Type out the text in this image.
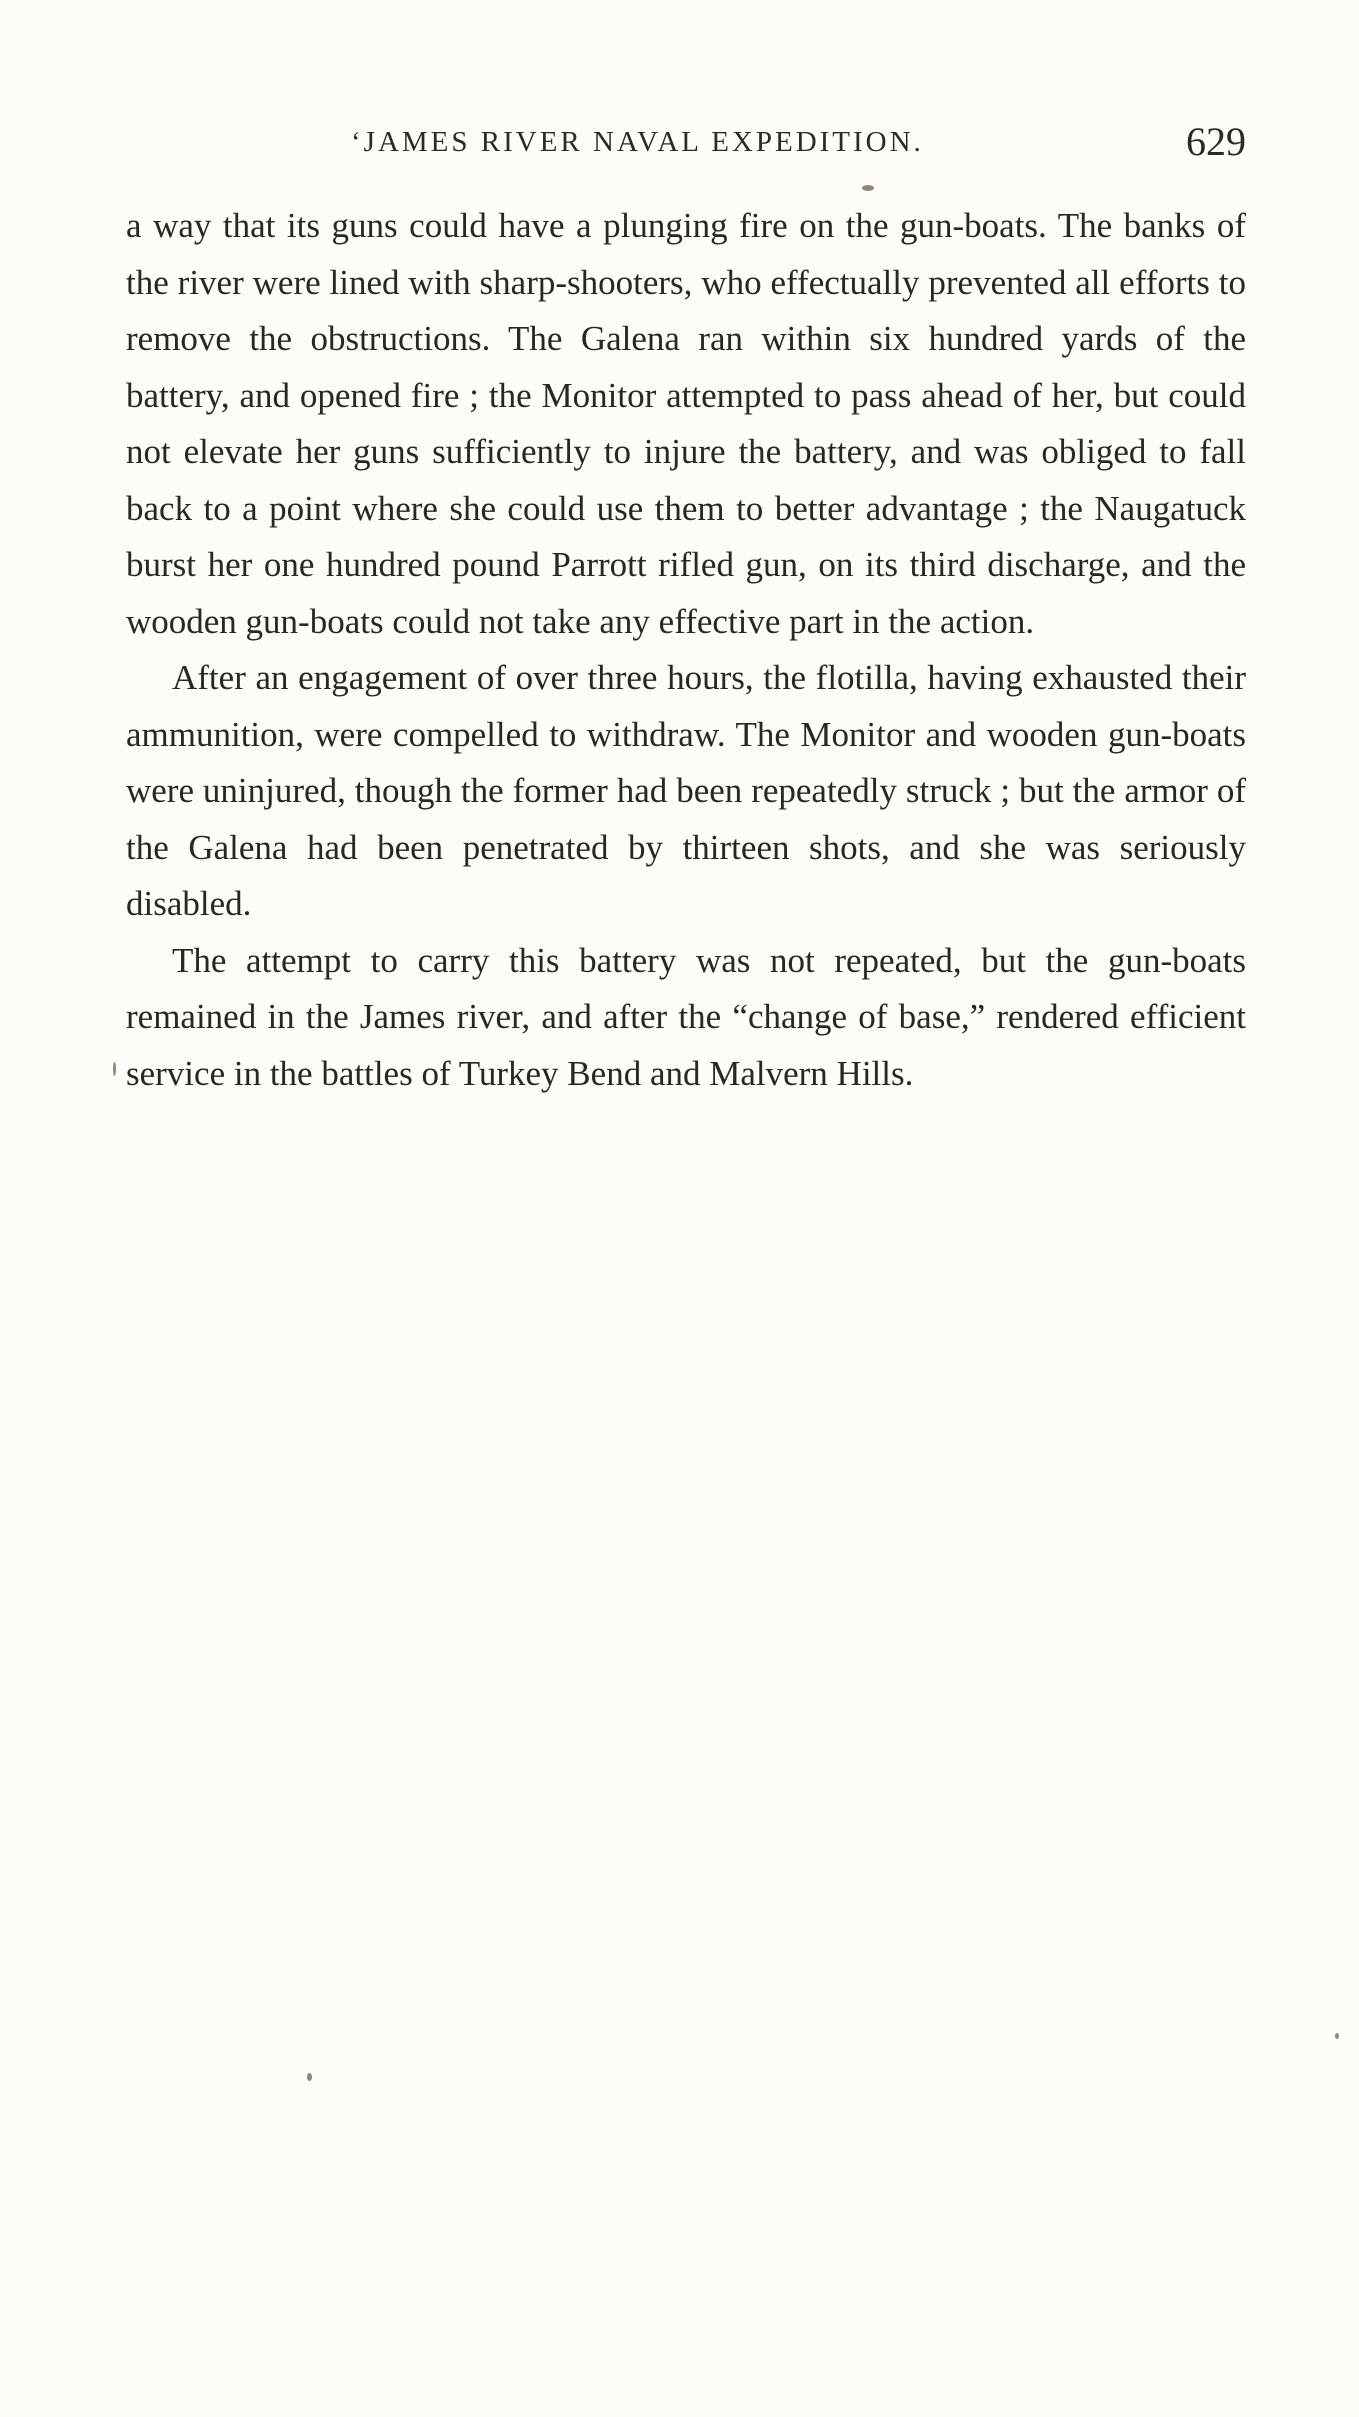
‘JAMES RIVER NAVAL EXPEDITION.	629

a way that its guns could have a plunging fire on the gun-boats. The banks of the river were lined with sharp-shooters, who effectually prevented all efforts to remove the obstructions. The Galena ran within six hundred yards of the battery, and opened fire ; the Monitor attempted to pass ahead of her, but could not elevate her guns sufficiently to injure the battery, and was obliged to fall back to a point where she could use them to better advantage ; the Naugatuck burst her one hundred pound Parrott rifled gun, on its third discharge, and the wooden gun-boats could not take any effective part in the action.

After an engagement of over three hours, the flotilla, having exhausted their ammunition, were compelled to withdraw. The Monitor and wooden gun-boats were uninjured, though the former had been repeatedly struck ; but the armor of the Galena had been penetrated by thirteen shots, and she was seriously disabled.

The attempt to carry this battery was not repeated, but the gun-boats remained in the James river, and after the “change of base,” rendered efficient service in the battles of Turkey Bend and Malvern Hills.
